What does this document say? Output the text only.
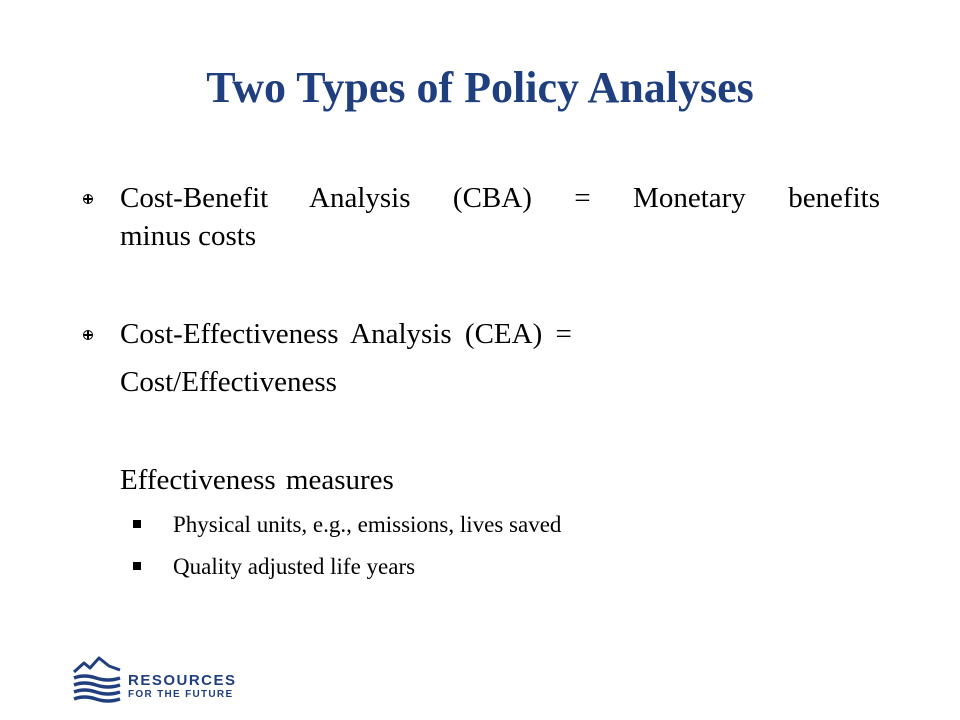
Two Types of Policy Analyses
Cost-Benefit Analysis (CBA) = Monetary benefits
minus costs
Cost-Effectiveness Analysis (CEA) =
Cost/Effectiveness
Effectiveness measures
Physical units, e.g., emissions, lives saved
Quality adjusted life years
RESOURCES
FOR THE FUTURE
